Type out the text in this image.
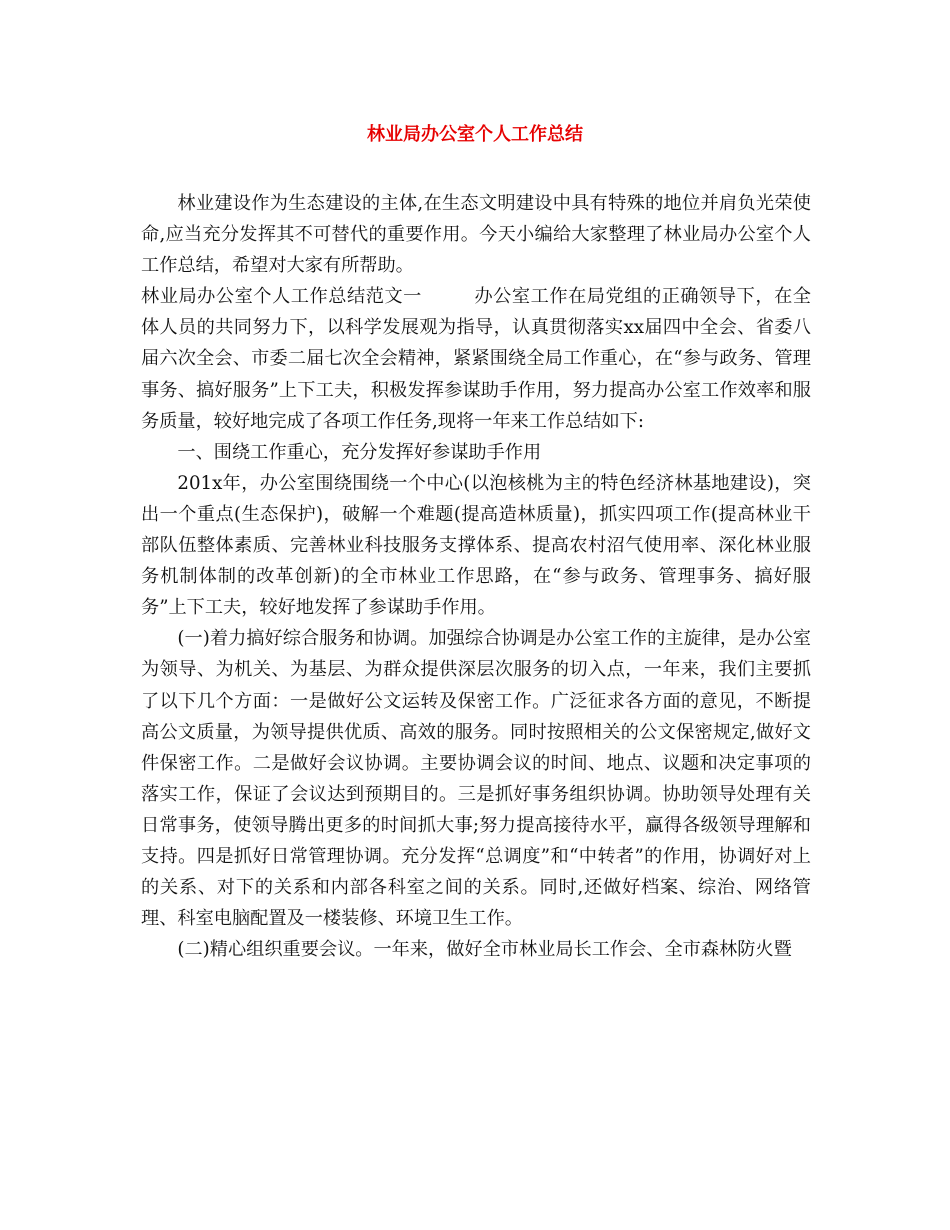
林业局办公室个人工作总结

林业建设作为生态建设的主体,在生态文明建设中具有特殊的地位并肩负光荣使命,应当充分发挥其不可替代的重要作用。今天小编给大家整理了林业局办公室个人工作总结，希望对大家有所帮助。

林业局办公室个人工作总结范文一	办公室工作在局党组的正确领导下，在全体人员的共同努力下，以科学发展观为指导，认真贯彻落实xx届四中全会、省委八届六次全会、市委二届七次全会精神，紧紧围绕全局工作重心，在“参与政务、管理事务、搞好服务”上下工夫，积极发挥参谋助手作用，努力提高办公室工作效率和服务质量，较好地完成了各项工作任务,现将一年来工作总结如下:

一、围绕工作重心，充分发挥好参谋助手作用

201x年，办公室围绕围绕一个中心(以泡核桃为主的特色经济林基地建设)，突出一个重点(生态保护)，破解一个难题(提高造林质量)，抓实四项工作(提高林业干部队伍整体素质、完善林业科技服务支撑体系、提高农村沼气使用率、深化林业服务机制体制的改革创新)的全市林业工作思路，在“参与政务、管理事务、搞好服务”上下工夫，较好地发挥了参谋助手作用。

(一)着力搞好综合服务和协调。加强综合协调是办公室工作的主旋律，是办公室为领导、为机关、为基层、为群众提供深层次服务的切入点，一年来，我们主要抓了以下几个方面：一是做好公文运转及保密工作。广泛征求各方面的意见，不断提高公文质量，为领导提供优质、高效的服务。同时按照相关的公文保密规定,做好文件保密工作。二是做好会议协调。主要协调会议的时间、地点、议题和决定事项的落实工作，保证了会议达到预期目的。三是抓好事务组织协调。协助领导处理有关日常事务，使领导腾出更多的时间抓大事;努力提高接待水平，赢得各级领导理解和支持。四是抓好日常管理协调。充分发挥“总调度”和“中转者”的作用，协调好对上的关系、对下的关系和内部各科室之间的关系。同时,还做好档案、综治、网络管理、科室电脑配置及一楼装修、环境卫生工作。

(二)精心组织重要会议。一年来，做好全市林业局长工作会、全市森林防火暨
